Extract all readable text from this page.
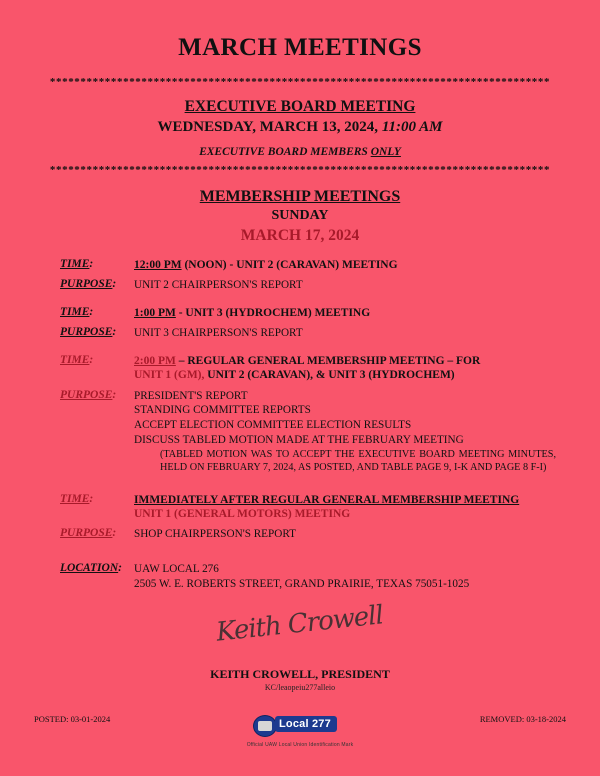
MARCH MEETINGS
**********************************************************************************
EXECUTIVE BOARD MEETING
WEDNESDAY, MARCH 13, 2024, 11:00 AM
EXECUTIVE BOARD MEMBERS ONLY
**********************************************************************************
MEMBERSHIP MEETINGS
SUNDAY
MARCH 17, 2024
TIME:	12:00 PM (NOON) - UNIT 2 (CARAVAN) MEETING
PURPOSE:	UNIT 2 CHAIRPERSON'S REPORT
TIME:	1:00 PM - UNIT 3 (HYDROCHEM) MEETING
PURPOSE:	UNIT 3 CHAIRPERSON'S REPORT
TIME:	2:00 PM – REGULAR GENERAL MEMBERSHIP MEETING – FOR
UNIT 1 (GM), UNIT 2 (CARAVAN), & UNIT 3 (HYDROCHEM)
PURPOSE:	PRESIDENT'S REPORT
STANDING COMMITTEE REPORTS
ACCEPT ELECTION COMMITTEE ELECTION RESULTS
DISCUSS TABLED MOTION MADE AT THE FEBRUARY MEETING
(TABLED MOTION WAS TO ACCEPT THE EXECUTIVE BOARD MEETING MINUTES, HELD ON FEBRUARY 7, 2024, AS POSTED, AND TABLE PAGE 9, I-K AND PAGE 8 F-I)
TIME:	IMMEDIATELY AFTER REGULAR GENERAL MEMBERSHIP MEETING
UNIT 1 (GENERAL MOTORS) MEETING
PURPOSE:	SHOP CHAIRPERSON'S REPORT
LOCATION:	UAW LOCAL 276
2505 W. E. ROBERTS STREET, GRAND PRAIRIE, TEXAS 75051-1025
Keith Crowell
KEITH CROWELL, PRESIDENT
KC/leaopeiu277alleio
POSTED: 03-01-2024	REMOVED: 03-18-2024
Local 277
Official UAW Local Union Identification Mark
